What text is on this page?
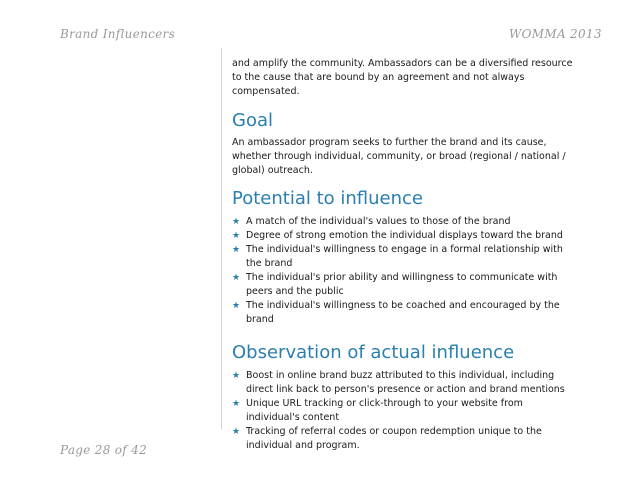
Brand Influencers	WOMMA 2013

and amplify the community. Ambassadors can be a diversified resource to the cause that are bound by an agreement and not always compensated.

Goal

An ambassador program seeks to further the brand and its cause, whether through individual, community, or broad (regional / national / global) outreach.

Potential to influence
★ A match of the individual's values to those of the brand
★ Degree of strong emotion the individual displays toward the brand
★ The individual's willingness to engage in a formal relationship with the brand
★ The individual's prior ability and willingness to communicate with peers and the public
★ The individual's willingness to be coached and encouraged by the brand
Observation of actual influence
★ Boost in online brand buzz attributed to this individual, including direct link back to person's presence or action and brand mentions
★ Unique URL tracking or click-through to your website from individual's content
★ Tracking of referral codes or coupon redemption unique to the individual and program.
Page 28 of 42
